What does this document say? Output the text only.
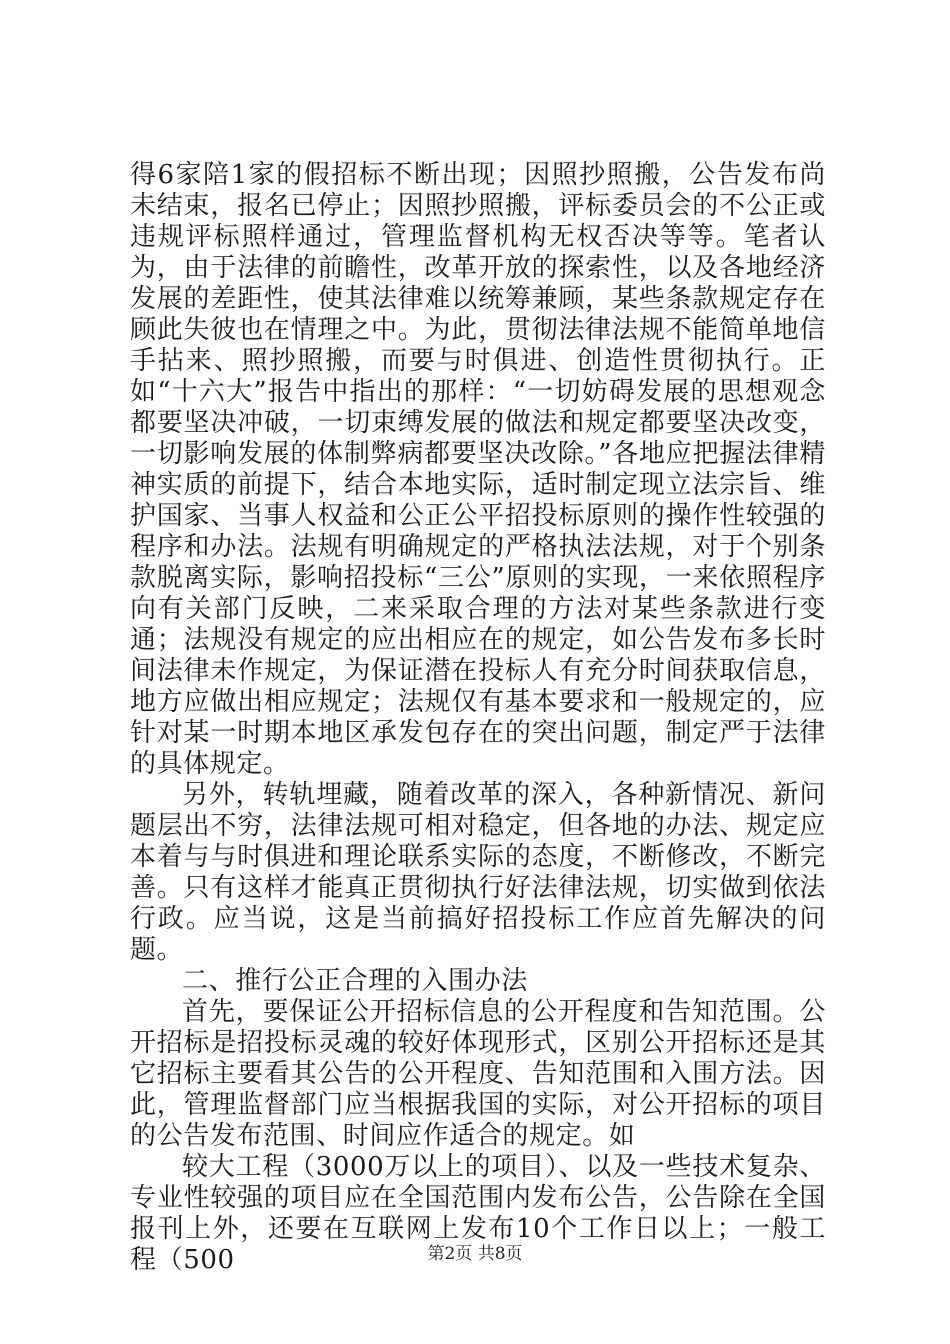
得6家陪1家的假招标不断出现；因照抄照搬，公告发布尚未结束，报名已停止；因照抄照搬，评标委员会的不公正或违规评标照样通过，管理监督机构无权否决等等。笔者认为，由于法律的前瞻性，改革开放的探索性，以及各地经济发展的差距性，使其法律难以统筹兼顾，某些条款规定存在顾此失彼也在情理之中。为此，贯彻法律法规不能简单地信手拈来、照抄照搬，而要与时俱进、创造性贯彻执行。正如“十六大”报告中指出的那样：“一切妨碍发展的思想观念都要坚决冲破，一切束缚发展的做法和规定都要坚决改变，一切影响发展的体制弊病都要坚决改除。”各地应把握法律精神实质的前提下，结合本地实际，适时制定现立法宗旨、维护国家、当事人权益和公正公平招投标原则的操作性较强的程序和办法。法规有明确规定的严格执法法规，对于个别条款脱离实际，影响招投标“三公”原则的实现，一来依照程序向有关部门反映，二来采取合理的方法对某些条款进行变通；法规没有规定的应出相应在的规定，如公告发布多长时间法律未作规定，为保证潜在投标人有充分时间获取信息，地方应做出相应规定；法规仅有基本要求和一般规定的，应针对某一时期本地区承发包存在的突出问题，制定严于法律的具体规定。

另外，转轨埋藏，随着改革的深入，各种新情况、新问题层出不穷，法律法规可相对稳定，但各地的办法、规定应本着与与时俱进和理论联系实际的态度，不断修改，不断完善。只有这样才能真正贯彻执行好法律法规，切实做到依法行政。应当说，这是当前搞好招投标工作应首先解决的问题。

二、推行公正合理的入围办法

首先，要保证公开招标信息的公开程度和告知范围。公开招标是招投标灵魂的较好体现形式，区别公开招标还是其它招标主要看其公告的公开程度、告知范围和入围方法。因此，管理监督部门应当根据我国的实际，对公开招标的项目的公告发布范围、时间应作适合的规定。如

较大工程（3000万以上的项目）、以及一些技术复杂、专业性较强的项目应在全国范围内发布公告，公告除在全国报刊上外，还要在互联网上发布10个工作日以上；一般工程（500	第2页 共8页
